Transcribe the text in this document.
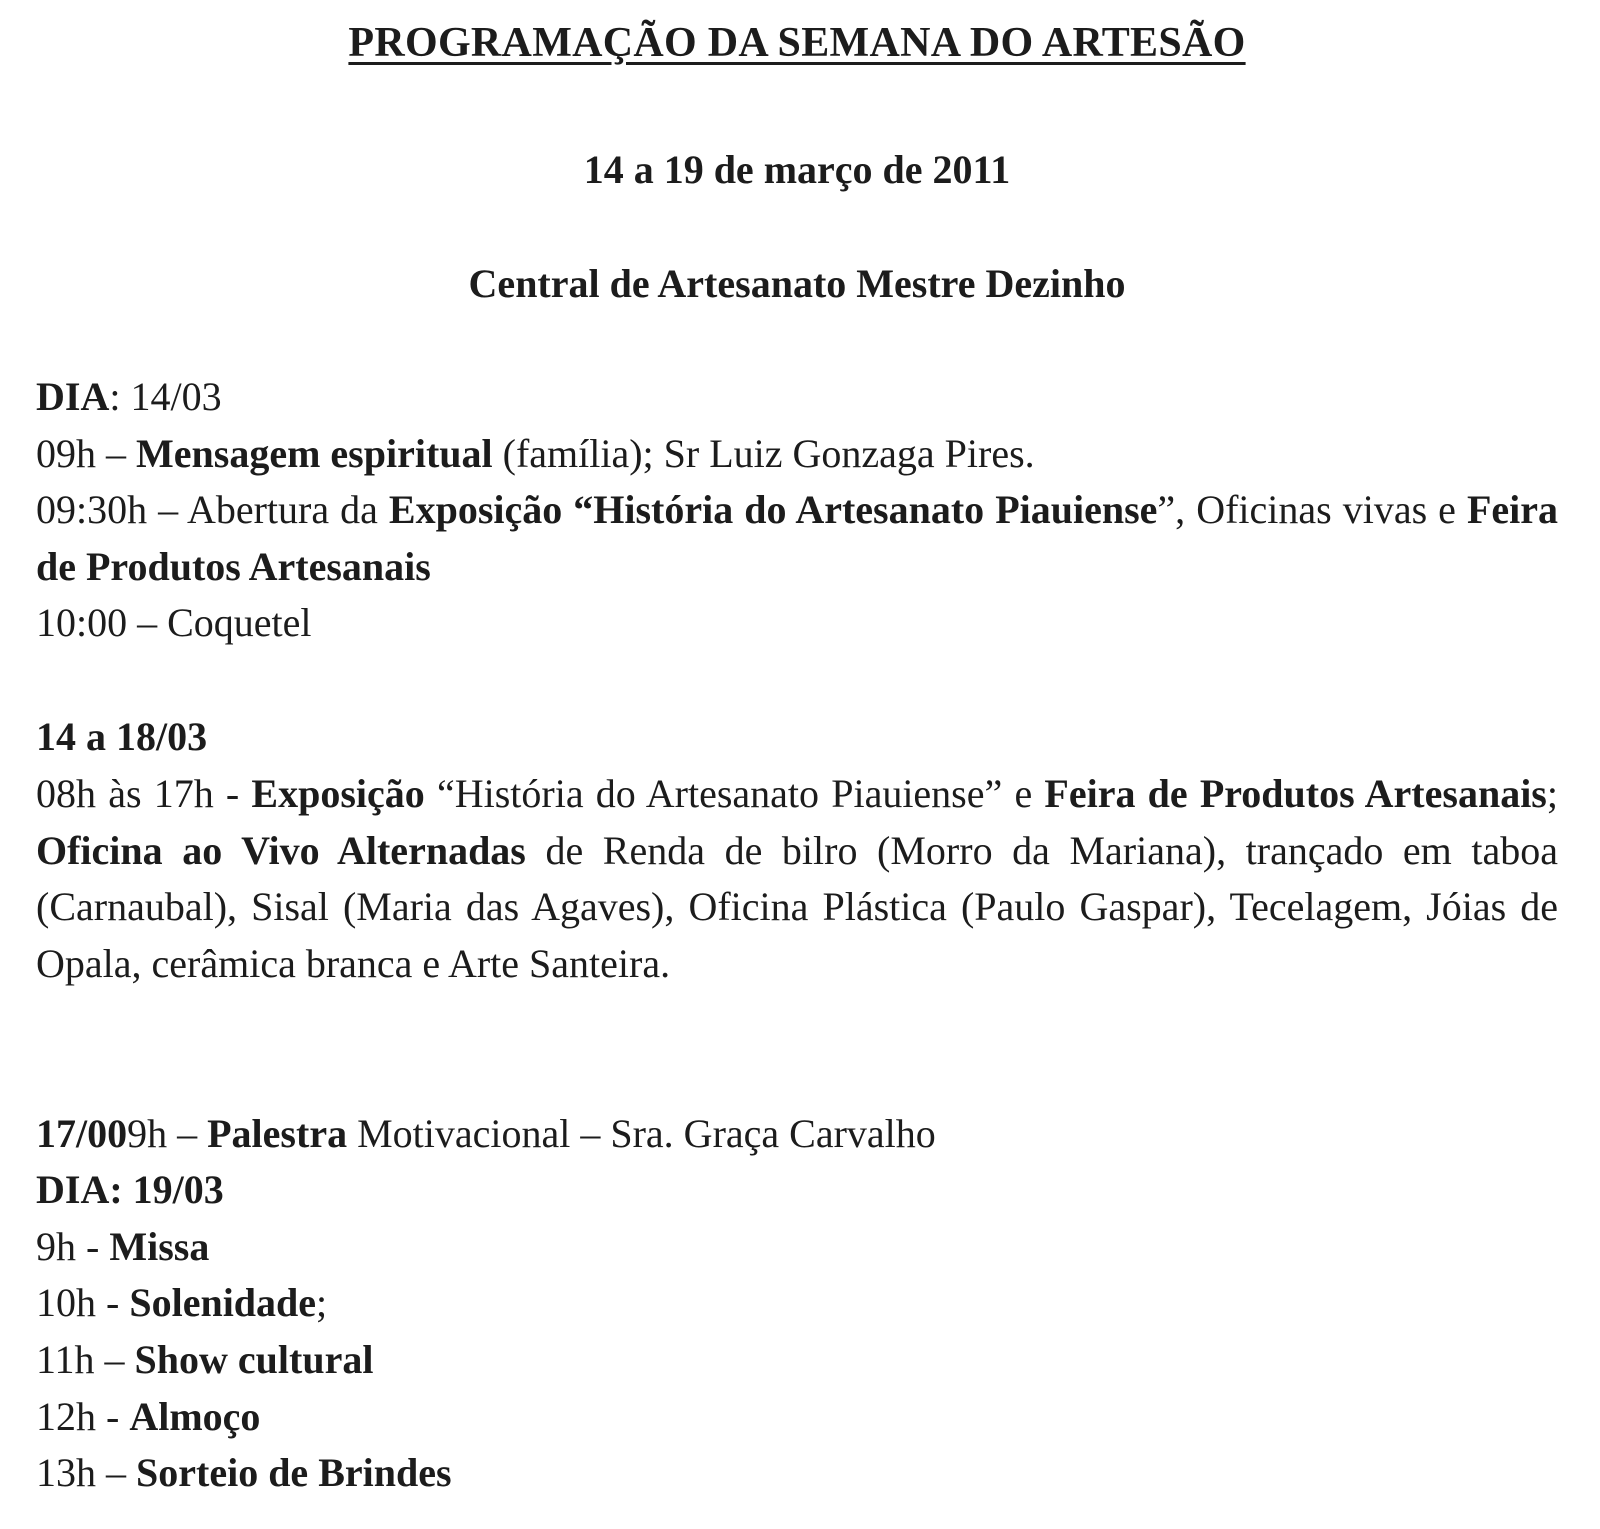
PROGRAMAÇÃO DA SEMANA DO ARTESÃO
14 a 19 de março de 2011
Central de Artesanato Mestre Dezinho
DIA: 14/03
09h – Mensagem espiritual (família); Sr Luiz Gonzaga Pires.
09:30h – Abertura da Exposição “História do Artesanato Piauiense”, Oficinas vivas e Feira de Produtos Artesanais
10:00 – Coquetel
14 a 18/03
08h às 17h - Exposição “História do Artesanato Piauiense” e Feira de Produtos Artesanais; Oficina ao Vivo Alternadas de Renda de bilro (Morro da Mariana), trançado em taboa (Carnaubal), Sisal (Maria das Agaves), Oficina Plástica (Paulo Gaspar), Tecelagem, Jóias de Opala, cerâmica branca e Arte Santeira.
17/009h – Palestra Motivacional – Sra. Graça Carvalho
DIA: 19/03
9h - Missa
10h - Solenidade;
11h – Show cultural
12h - Almoço
13h – Sorteio de Brindes
